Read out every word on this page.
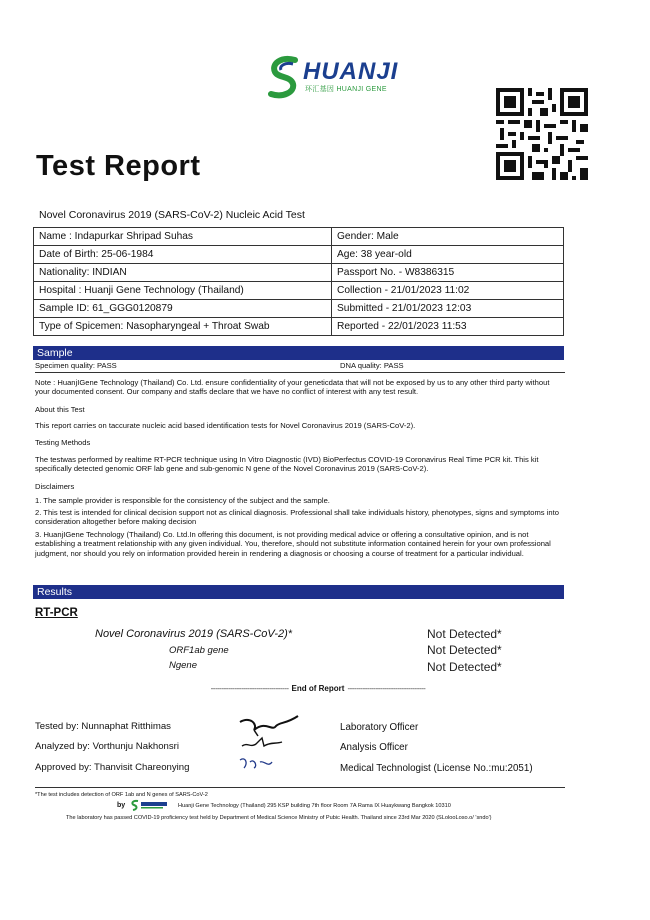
HUANJI
环汇基因 HUANJI GENE
Test Report
Novel Coronavirus 2019 (SARS-CoV-2) Nucleic Acid Test
Name : Indapurkar Shripad Suhas	Gender: Male
Date of Birth: 25-06-1984	Age: 38 year-old
Nationality: INDIAN	Passport No. - W8386315
Hospital : Huanji Gene Technology (Thailand)	Collection - 21/01/2023 11:02
Sample ID: 61_GGG0120879	Submitted - 21/01/2023 12:03
Type of Spicemen: Nasopharyngeal + Throat Swab	Reported - 22/01/2023 11:53
Sample
Specimen quality: PASS	DNA quality: PASS
Note : HuanjIGene Technology (Thailand) Co. Ltd. ensure confidentiality of your geneticdata that will not be exposed by us to any other third party without your documented consent. Our company and staffs declare that we have no conflict of interest with any test result.
About this Test
This report carries on taccurate nucleic acid based identification tests for Novel Coronavirus 2019 (SARS-CoV-2).
Testing Methods
The testwas performed by realtime RT-PCR technique using In Vitro Diagnostic (IVD) BioPerfectus COVID-19 Coronavirus Real Time PCR kit. This kit specifically detected genomic ORF lab gene and sub-genomic N gene of the Novel Coronavirus 2019 (SARS-CoV-2).
Disclaimers
1. The sample provider is responsible for the consistency of the subject and the sample.
2. This test is intended for clinical decision support not as clinical diagnosis. Professional shall take individuals history, phenotypes, signs and symptoms into consideration altogether before making decision
3. HuanjIGene Technology (Thailand) Co. Ltd.In offering this document, is not providing medical advice or offering a consultative opinion, and is not establishing a treatment relationship with any given individual. You, therefore, should not substitute information contained herein for your own professional judgment, nor should you rely on information provided herein in rendering a diagnosis or choosing a course of treatment for a particular individual.
Results
RT-PCR
Novel Coronavirus 2019 (SARS-CoV-2)*	Not Detected*
ORF1ab gene	Not Detected*
Ngene	Not Detected*
------------------------------------ End of Report ------------------------------------
Tested by: Nunnaphat Ritthimas
Analyzed by: Vorthunju Nakhonsri
Approved by: Thanvisit Chareonying
Laboratory Officer
Analysis Officer
Medical Technologist (License No.:mu:2051)
*The test includes detection of ORF 1ab and N genes of SARS-CoV-2
by	Huanji Gene Technology (Thailand) 295 KSP building 7th floor Room 7A Rama IX Huaykwang Bangkok 10310
The laboratory has passed COVID-19 proficiency test held by Department of Medical Science Ministry of Pubic Health. Thailand since 23rd Mar 2020 (SLolooLoso.o/ 'sndo')
